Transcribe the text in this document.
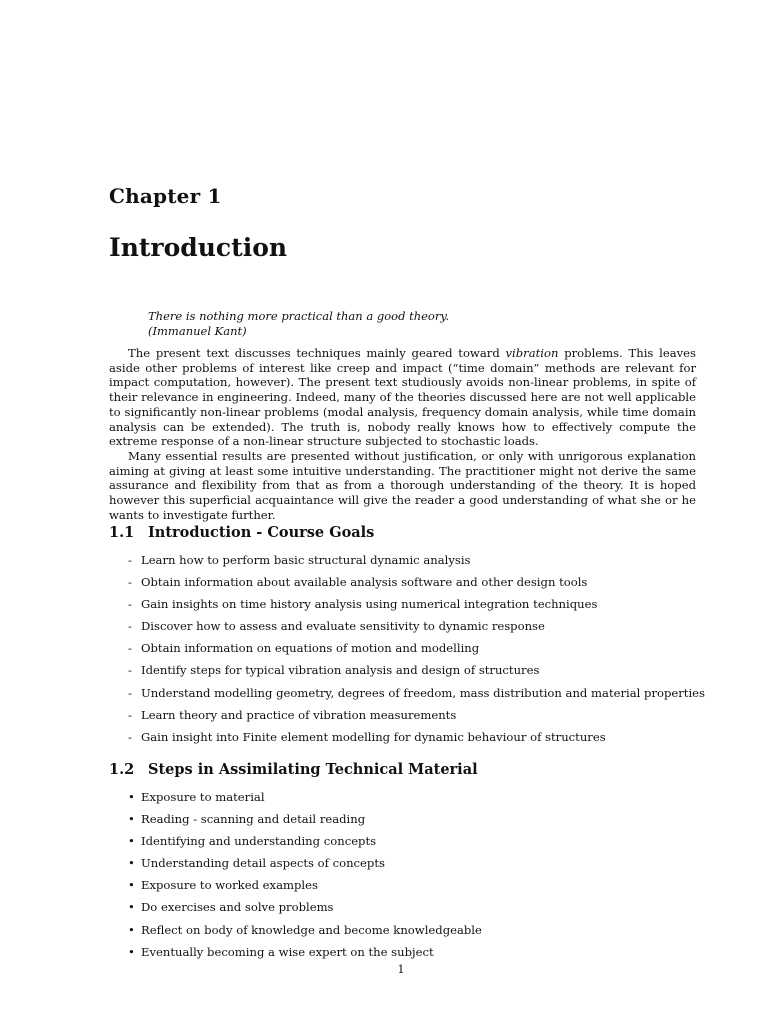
Chapter 1
Introduction
There is nothing more practical than a good theory.
(Immanuel Kant)

The present text discusses techniques mainly geared toward vibration problems. This leaves aside other problems of interest like creep and impact (“time domain” methods are relevant for impact computation, however). The present text studiously avoids non-linear problems, in spite of their relevance in engineering. Indeed, many of the theories discussed here are not well applicable to significantly non-linear problems (modal analysis, frequency domain analysis, while time domain analysis can be extended). The truth is, nobody really knows how to effectively compute the extreme response of a non-linear structure subjected to stochastic loads.

Many essential results are presented without justification, or only with unrigorous explanation aiming at giving at least some intuitive understanding. The practitioner might not derive the same assurance and flexibility from that as from a thorough understanding of the theory. It is hoped however this superficial acquaintance will give the reader a good understanding of what she or he wants to investigate further.

1.1 Introduction - Course Goals
- Learn how to perform basic structural dynamic analysis
- Obtain information about available analysis software and other design tools
- Gain insights on time history analysis using numerical integration techniques
- Discover how to assess and evaluate sensitivity to dynamic response
- Obtain information on equations of motion and modelling
- Identify steps for typical vibration analysis and design of structures
- Understand modelling geometry, degrees of freedom, mass distribution and material properties
- Learn theory and practice of vibration measurements
- Gain insight into Finite element modelling for dynamic behaviour of structures
1.2 Steps in Assimilating Technical Material
• Exposure to material
• Reading - scanning and detail reading
• Identifying and understanding concepts
• Understanding detail aspects of concepts
• Exposure to worked examples
• Do exercises and solve problems
• Reflect on body of knowledge and become knowledgeable
• Eventually becoming a wise expert on the subject
1
